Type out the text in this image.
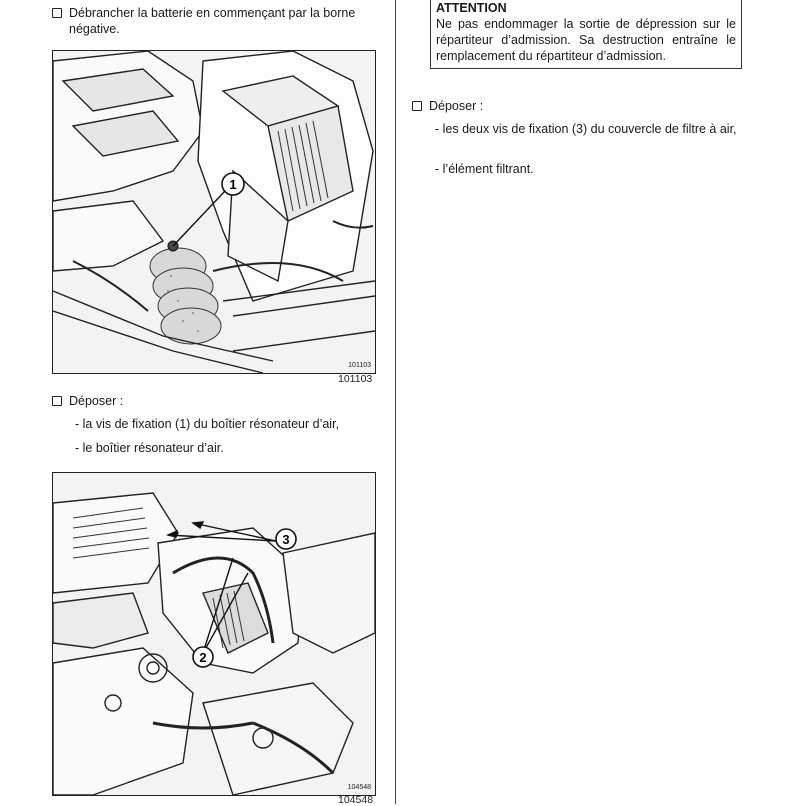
Débrancher la batterie en commençant par la borne négative.
1
101103
101103
Déposer :

- la vis de fixation (1) du boîtier résonateur d’air,

- le boîtier résonateur d’air.

2
3
104548
104548
ATTENTION
Ne pas endommager la sortie de dépression sur le répartiteur d’admission. Sa destruction entraîne le remplacement du répartiteur d’admission.
Déposer :

- les deux vis de fixation (3) du couvercle de filtre à air,

- l’élément filtrant.
